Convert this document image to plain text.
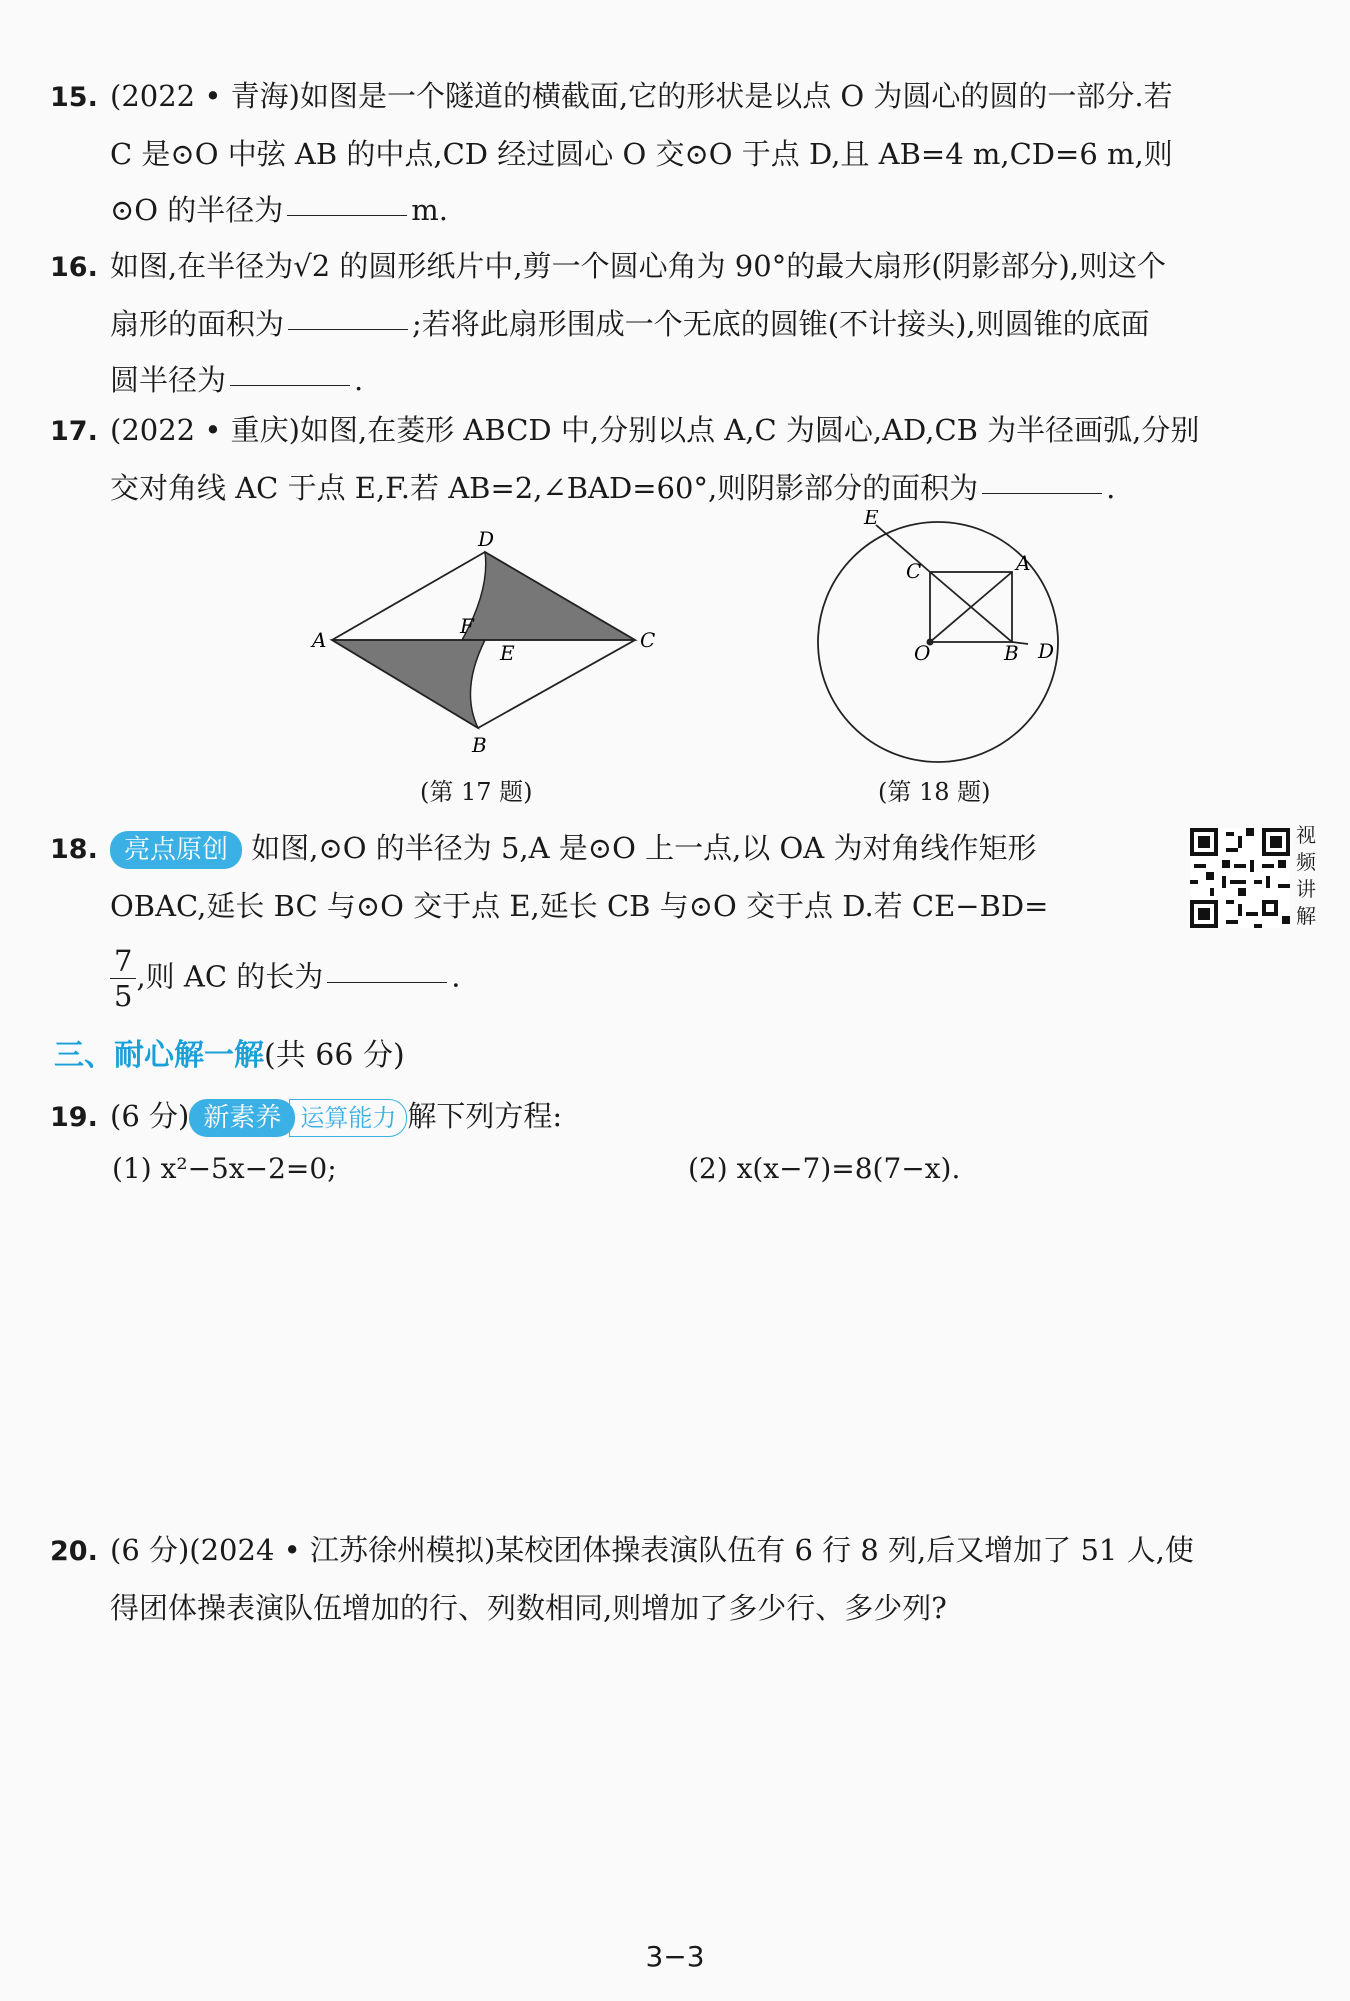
15. (2022 • 青海)如图是一个隧道的横截面,它的形状是以点 O 为圆心的圆的一部分.若
C 是⊙O 中弦 AB 的中点,CD 经过圆心 O 交⊙O 于点 D,且 AB=4 m,CD=6 m,则
⊙O 的半径为	m.
16. 如图,在半径为√2 的圆形纸片中,剪一个圆心角为 90°的最大扇形(阴影部分),则这个
扇形的面积为	;若将此扇形围成一个无底的圆锥(不计接头),则圆锥的底面
圆半径为	.
17. (2022 • 重庆)如图,在菱形 ABCD 中,分别以点 A,C 为圆心,AD,CB 为半径画弧,分别
交对角线 AC 于点 E,F.若 AB=2,∠BAD=60°,则阴影部分的面积为	.
D
A
F
E
C
B
(第 17 题)
E
C	A
O	B D
(第 18 题)
18. 亮点原创 如图,⊙O 的半径为 5,A 是⊙O 上一点,以 OA 为对角线作矩形
OBAC,延长 BC 与⊙O 交于点 E,延长 CB 与⊙O 交于点 D.若 CE−BD=
$\frac{7}{5}$ ,则 AC 的长为	.
视频讲解
三、耐心解一解(共 66 分)
19. (6 分) 新素养 运算能力 解下列方程:
(1) x²−5x−2=0;	(2) x(x−7)=8(7−x).
20. (6 分)(2024 • 江苏徐州模拟)某校团体操表演队伍有 6 行 8 列,后又增加了 51 人,使
得团体操表演队伍增加的行、列数相同,则增加了多少行、多少列?
3−3
